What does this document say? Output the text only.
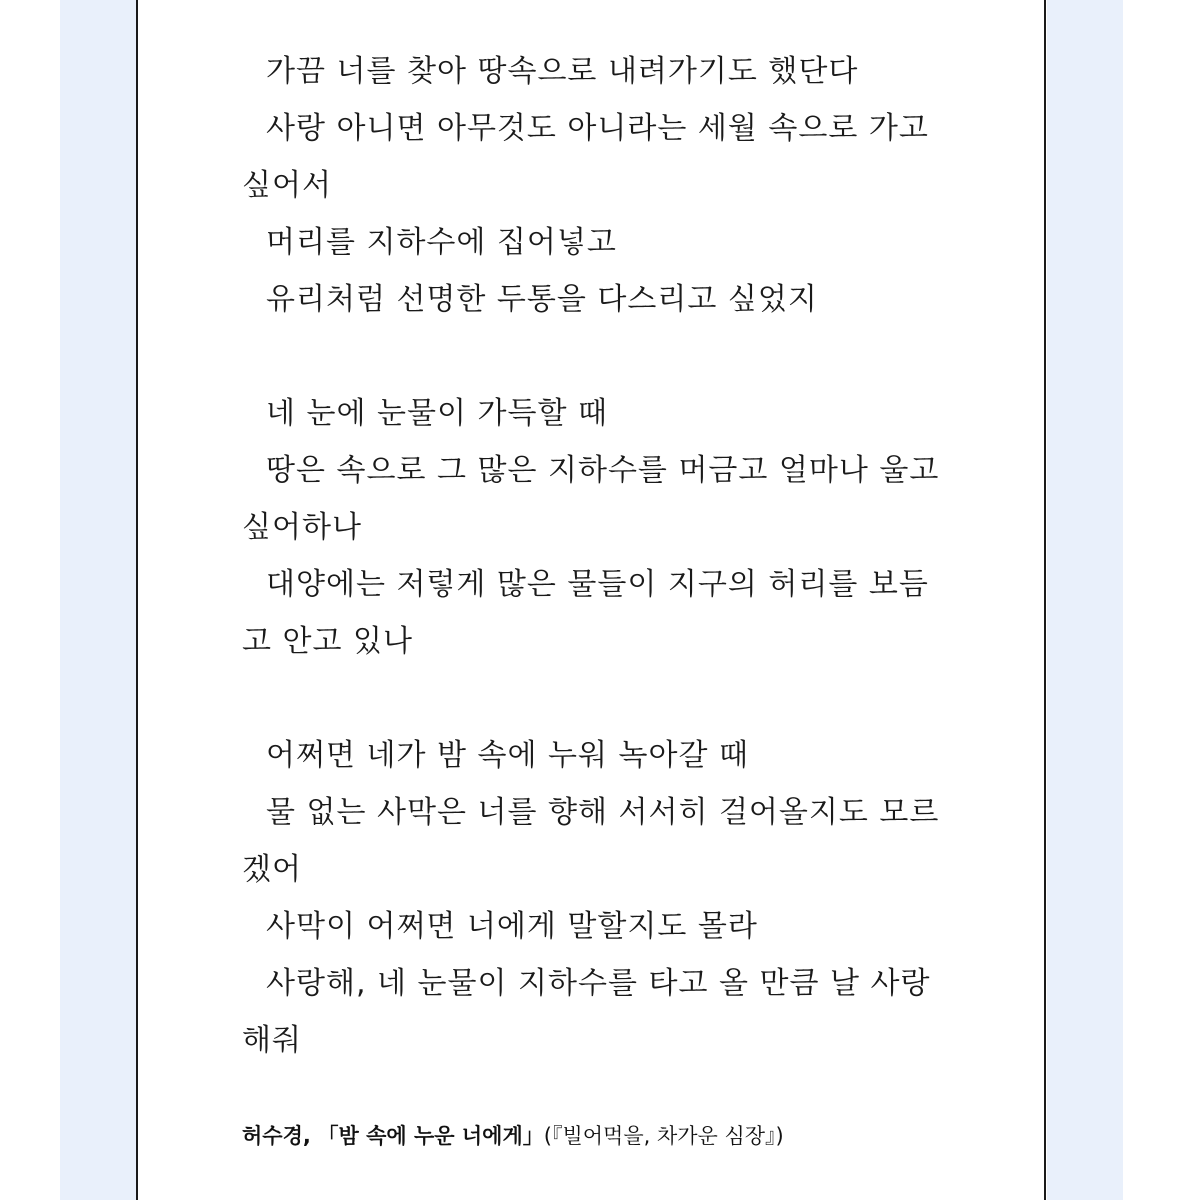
가끔 너를 찾아 땅속으로 내려가기도 했단다
사랑 아니면 아무것도 아니라는 세월 속으로 가고 싶어서
머리를 지하수에 집어넣고
유리처럼 선명한 두통을 다스리고 싶었지
네 눈에 눈물이 가득할 때
땅은 속으로 그 많은 지하수를 머금고 얼마나 울고 싶어하나
대양에는 저렇게 많은 물들이 지구의 허리를 보듬고 안고 있나
어쩌면 네가 밤 속에 누워 녹아갈 때
물 없는 사막은 너를 향해 서서히 걸어올지도 모르겠어
사막이 어쩌면 너에게 말할지도 몰라
사랑해, 네 눈물이 지하수를 타고 올 만큼 날 사랑해줘
허수경, 「밤 속에 누운 너에게」(『빌어먹을, 차가운 심장』)
